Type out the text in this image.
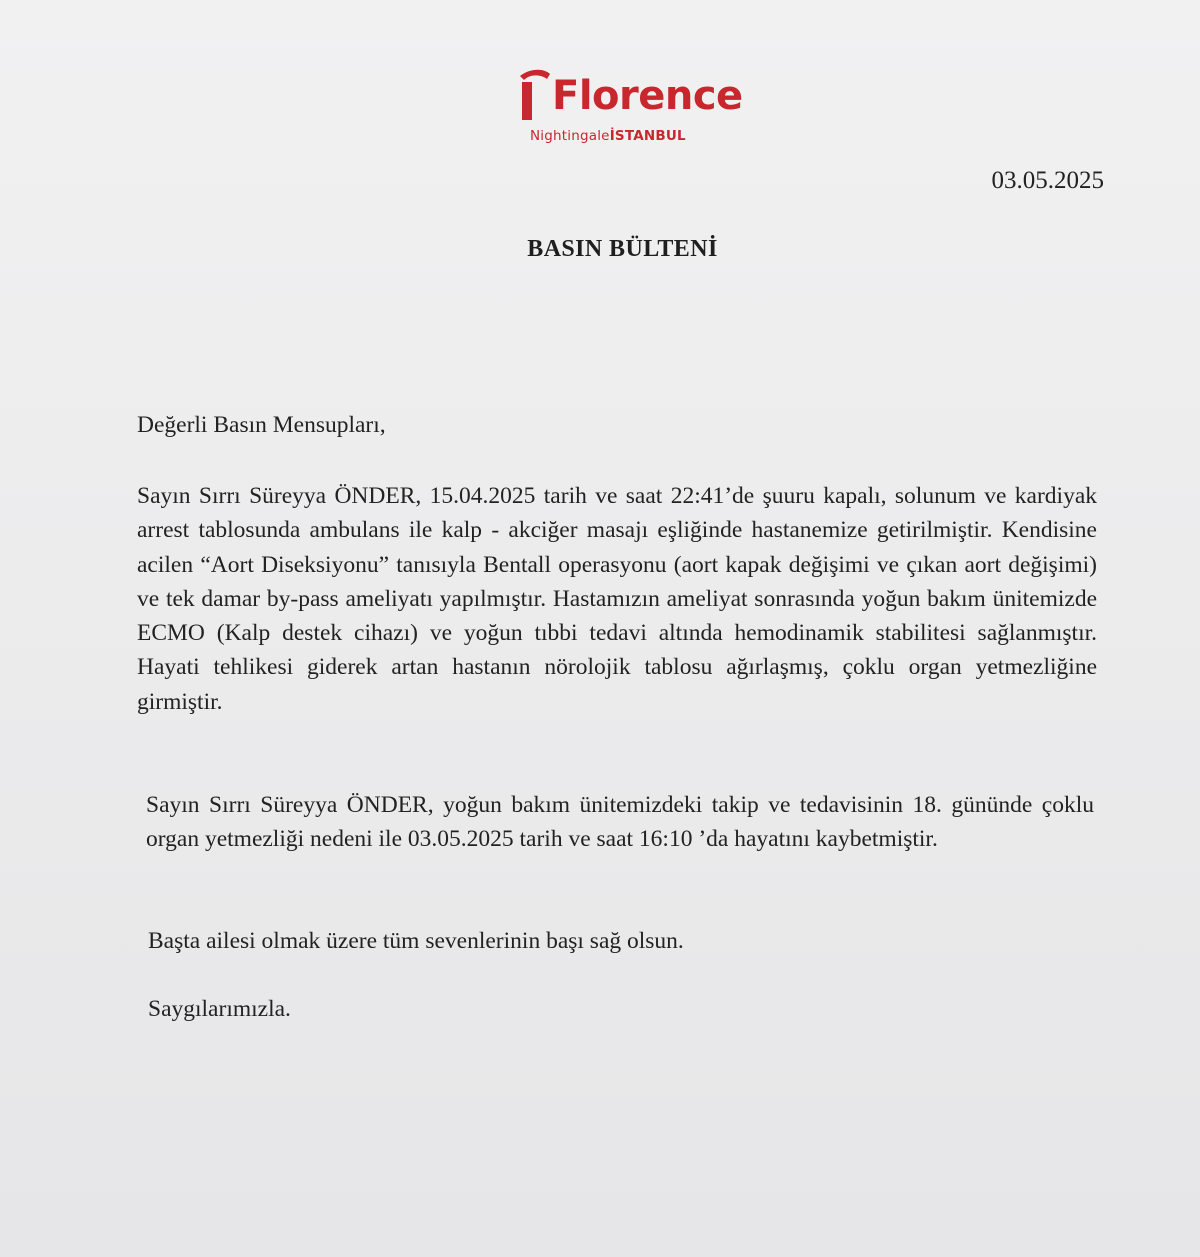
Florence
NightingaleİSTANBUL
03.05.2025
BASIN BÜLTENİ
Değerli Basın Mensupları,

Sayın Sırrı Süreyya ÖNDER, 15.04.2025 tarih ve saat 22:41’de şuuru kapalı, solunum ve kardiyak arrest tablosunda ambulans ile kalp - akciğer masajı eşliğinde hastanemize getirilmiştir. Kendisine acilen “Aort Diseksiyonu” tanısıyla Bentall operasyonu (aort kapak değişimi ve çıkan aort değişimi) ve tek damar by-pass ameliyatı yapılmıştır. Hastamızın ameliyat sonrasında yoğun bakım ünitemizde ECMO (Kalp destek cihazı) ve yoğun tıbbi tedavi altında hemodinamik stabilitesi sağlanmıştır. Hayati tehlikesi giderek artan hastanın nörolojik tablosu ağırlaşmış, çoklu organ yetmezliğine girmiştir.

Sayın Sırrı Süreyya ÖNDER, yoğun bakım ünitemizdeki takip ve tedavisinin 18. gününde çoklu organ yetmezliği nedeni ile 03.05.2025 tarih ve saat 16:10 ’da hayatını kaybetmiştir.

Başta ailesi olmak üzere tüm sevenlerinin başı sağ olsun.

Saygılarımızla.
